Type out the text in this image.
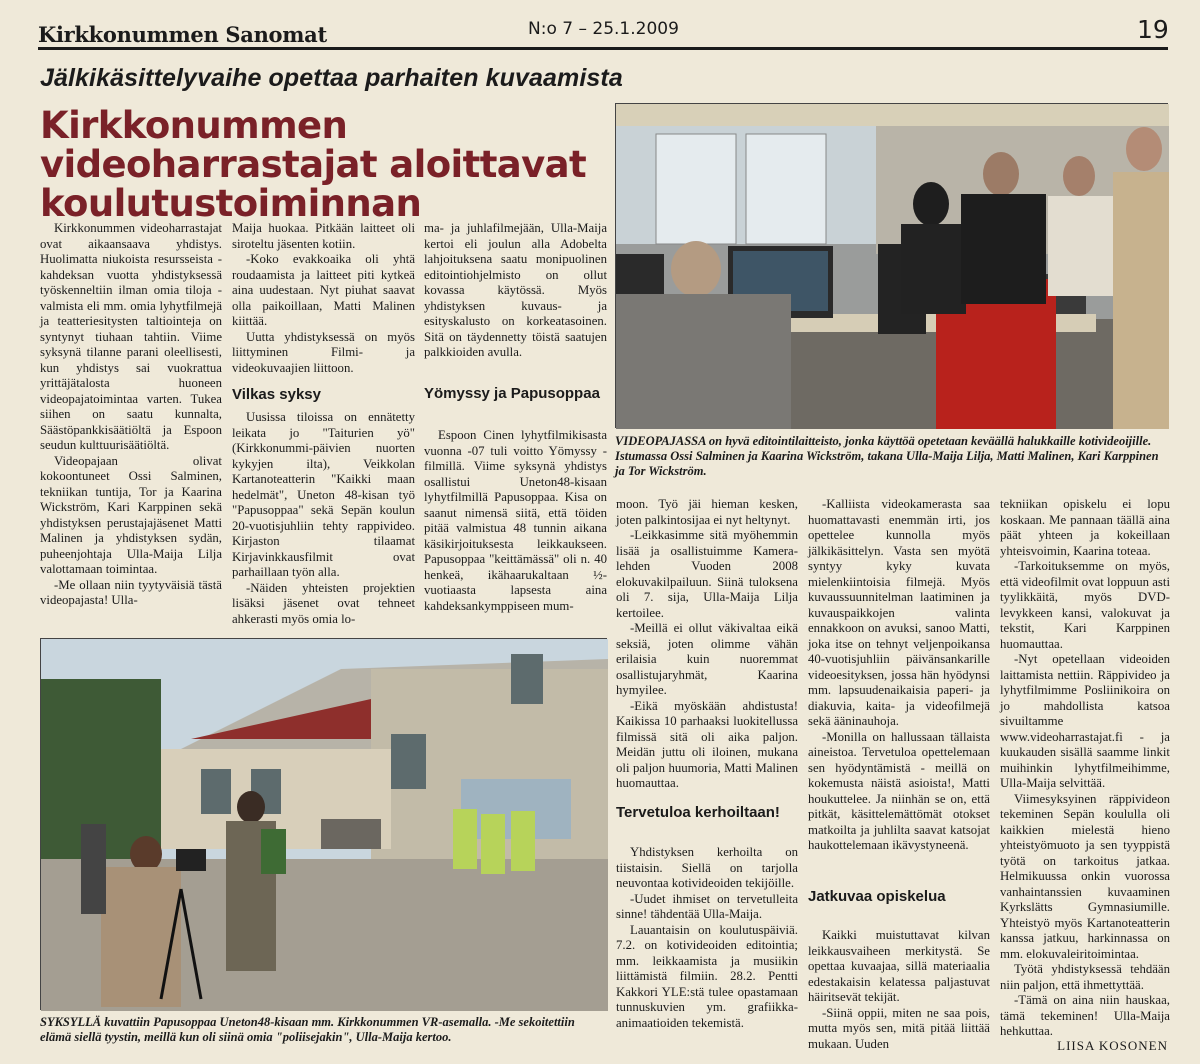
Kirkkonummen Sanomat	N:o 7 – 25.1.2009	19
Jälkikäsittelyvaihe opettaa parhaiten kuvaamista
Kirkkonummen videoharrastajat aloittavat koulutustoiminnan
VIDEOPAJASSA on hyvä editointilaitteisto, jonka käyttöä opetetaan keväällä halukkaille kotivideoijille. Istumassa Ossi Salminen ja Kaarina Wickström, takana Ulla-Maija Lilja, Matti Malinen, Kari Karppinen ja Tor Wickström.

Kirkkonummen videoharrastajat ovat aikaansaava yhdistys. Huolimatta niukoista resursseista - kahdeksan vuotta yhdistyksessä työskenneltiin ilman omia tiloja - valmista eli mm. omia lyhytfilmejä ja teatteriesitysten taltiointeja on syntynyt tiuhaan tahtiin. Viime syksynä tilanne parani oleellisesti, kun yhdistys sai vuokrattua yrittäjätalosta huoneen videopajatoimintaa varten. Tukea siihen on saatu kunnalta, Säästöpankkisäätiöltä ja Espoon seudun kulttuurisäätiöltä.

Videopajaan olivat kokoontuneet Ossi Salminen, tekniikan tuntija, Tor ja Kaarina Wickström, Kari Karppinen sekä yhdistyksen perustajajäsenet Matti Malinen ja yhdistyksen sydän, puheenjohtaja Ulla-Maija Lilja valottamaan toimintaa.

-Me ollaan niin tyytyväisiä tästä videopajasta! Ulla-

Maija huokaa. Pitkään laitteet oli siroteltu jäsenten kotiin.

-Koko evakkoaika oli yhtä roudaamista ja laitteet piti kytkeä aina uudestaan. Nyt piuhat saavat olla paikoillaan, Matti Malinen kiittää.

Uutta yhdistyksessä on myös liittyminen Filmi- ja videokuvaajien liittoon.

Vilkas syksy

Uusissa tiloissa on ennätetty leikata jo "Taiturien yö" (Kirkkonummi-päivien nuorten kykyjen ilta), Veikkolan Kartanoteatterin "Kaikki maan hedelmät", Uneton 48-kisan työ "Papusoppaa" sekä Sepän koulun 20-vuotisjuhliin tehty rappivideo. Kirjaston tilaamat Kirjavinkkausfilmit ovat parhaillaan työn alla.

-Näiden yhteisten projektien lisäksi jäsenet ovat tehneet ahkerasti myös omia lo-

ma- ja juhlafilmejään, Ulla-Maija kertoi eli joulun alla Adobelta lahjoituksena saatu monipuolinen editointiohjelmisto on ollut kovassa käytössä. Myös yhdistyksen kuvaus- ja esityskalusto on korkeatasoinen. Sitä on täydennetty töistä saatujen palkkioiden avulla.

Yömyssy ja Papusoppaa

Espoon Cinen lyhytfilmikisasta vuonna -07 tuli voitto Yömyssy -filmillä. Viime syksynä yhdistys osallistui Uneton48-kisaan lyhytfilmillä Papusoppaa. Kisa on saanut nimensä siitä, että töiden pitää valmistua 48 tunnin aikana käsikirjoituksesta leikkaukseen. Papusoppaa "keittämässä" oli n. 40 henkeä, ikähaarukaltaan ½-vuotiaasta lapsesta aina kahdeksankymppiseen mum-

SYKSYLLÄ kuvattiin Papusoppaa Uneton48-kisaan mm. Kirkkonummen VR-asemalla. -Me sekoitettiin elämä siellä tyystin, meillä kun oli siinä omia "poliisejakin", Ulla-Maija kertoo.

moon. Työ jäi hieman kesken, joten palkintosijaa ei nyt heltynyt.

-Leikkasimme sitä myöhemmin lisää ja osallistuimme Kamera-lehden Vuoden 2008 elokuvakilpailuun. Siinä tuloksena oli 7. sija, Ulla-Maija Lilja kertoilee.

-Meillä ei ollut väkivaltaa eikä seksiä, joten olimme vähän erilaisia kuin nuoremmat osallistujaryhmät, Kaarina hymyilee.

-Eikä myöskään ahdistusta! Kaikissa 10 parhaaksi luokitellussa filmissä sitä oli aika paljon. Meidän juttu oli iloinen, mukana oli paljon huumoria, Matti Malinen huomauttaa.

Tervetuloa kerhoiltaan!

Yhdistyksen kerhoilta on tiistaisin. Siellä on tarjolla neuvontaa kotivideoiden tekijöille.

-Uudet ihmiset on tervetulleita sinne! tähdentää Ulla-Maija.

Lauantaisin on koulutuspäiviä. 7.2. on kotivideoiden editointia; mm. leikkaamista ja musiikin liittämistä filmiin. 28.2. Pentti Kakkori YLE:stä tulee opastamaan tunnuskuvien ym. grafiikka-animaatioiden tekemistä.

-Kalliista videokamerasta saa huomattavasti enemmän irti, jos opettelee kunnolla myös jälkikäsittelyn. Vasta sen myötä syntyy kyky kuvata mielenkiintoisia filmejä. Myös kuvaussuunnitelman laatiminen ja kuvauspaikkojen valinta ennakkoon on avuksi, sanoo Matti, joka itse on tehnyt veljenpoikansa 40-vuotisjuhliin päivänsankarille videoesityksen, jossa hän hyödynsi mm. lapsuudenaikaisia paperi- ja diakuvia, kaita- ja videofilmejä sekä ääninauhoja.

-Monilla on hallussaan tällaista aineistoa. Tervetuloa opettelemaan sen hyödyntämistä - meillä on kokemusta näistä asioista!, Matti houkuttelee. Ja niinhän se on, että pitkät, käsittelemättömät otokset matkoilta ja juhlilta saavat katsojat haukottelemaan ikävystyneenä.

Jatkuvaa opiskelua

Kaikki muistuttavat kilvan leikkausvaiheen merkitystä. Se opettaa kuvaajaa, sillä materiaalia edestakaisin kelatessa paljastuvat häiritsevät tekijät.

-Siinä oppii, miten ne saa pois, mutta myös sen, mitä pitää liittää mukaan. Uuden

tekniikan opiskelu ei lopu koskaan. Me pannaan täällä aina päät yhteen ja kokeillaan yhteisvoimin, Kaarina toteaa.

-Tarkoituksemme on myös, että videofilmit ovat loppuun asti tyylikkäitä, myös DVD-levykkeen kansi, valokuvat ja tekstit, Kari Karppinen huomauttaa.

-Nyt opetellaan videoiden laittamista nettiin. Räppivideo ja lyhytfilmimme Posliinikoira on jo mahdollista katsoa sivuiltamme www.videoharrastajat.fi - ja kuukauden sisällä saamme linkit muihinkin lyhytfilmeihimme, Ulla-Maija selvittää.

Viimesyksyinen räppivideon tekeminen Sepän koululla oli kaikkien mielestä hieno yhteistyömuoto ja sen tyyppistä työtä on tarkoitus jatkaa. Helmikuussa onkin vuorossa vanhaintanssien kuvaaminen Kyrkslätts Gymnasiumille. Yhteistyö myös Kartanoteatterin kanssa jatkuu, harkinnassa on mm. elokuvaleiritoimintaa.

Työtä yhdistyksessä tehdään niin paljon, että ihmettyttää.

-Tämä on aina niin hauskaa, tämä tekeminen! Ulla-Maija hehkuttaa.

LIISA KOSONEN
